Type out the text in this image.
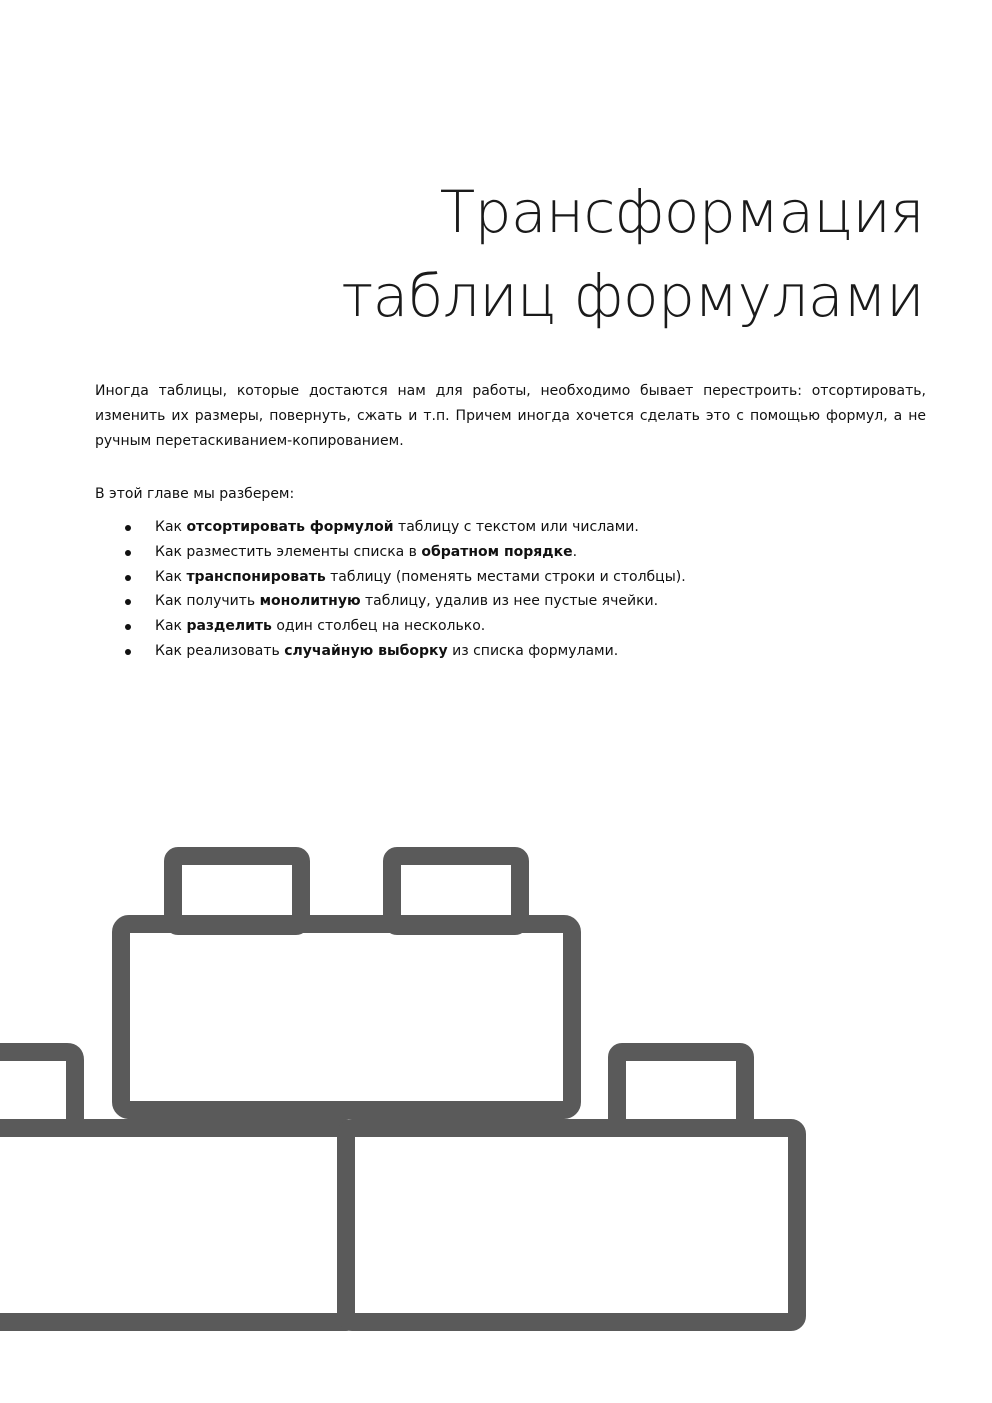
Трансформация
таблиц формулами

Иногда таблицы, которые достаются нам для работы, необходимо бывает перестроить: отсортировать, изменить их размеры, повернуть, сжать и т.п. Причем иногда хочется сделать это с помощью формул, а не ручным перетаскиванием-копированием.

В этой главе мы разберем:

Как отсортировать формулой таблицу с текстом или числами.
Как разместить элементы списка в обратном порядке.
Как транспонировать таблицу (поменять местами строки и столбцы).
Как получить монолитную таблицу, удалив из нее пустые ячейки.
Как разделить один столбец на несколько.
Как реализовать случайную выборку из списка формулами.
